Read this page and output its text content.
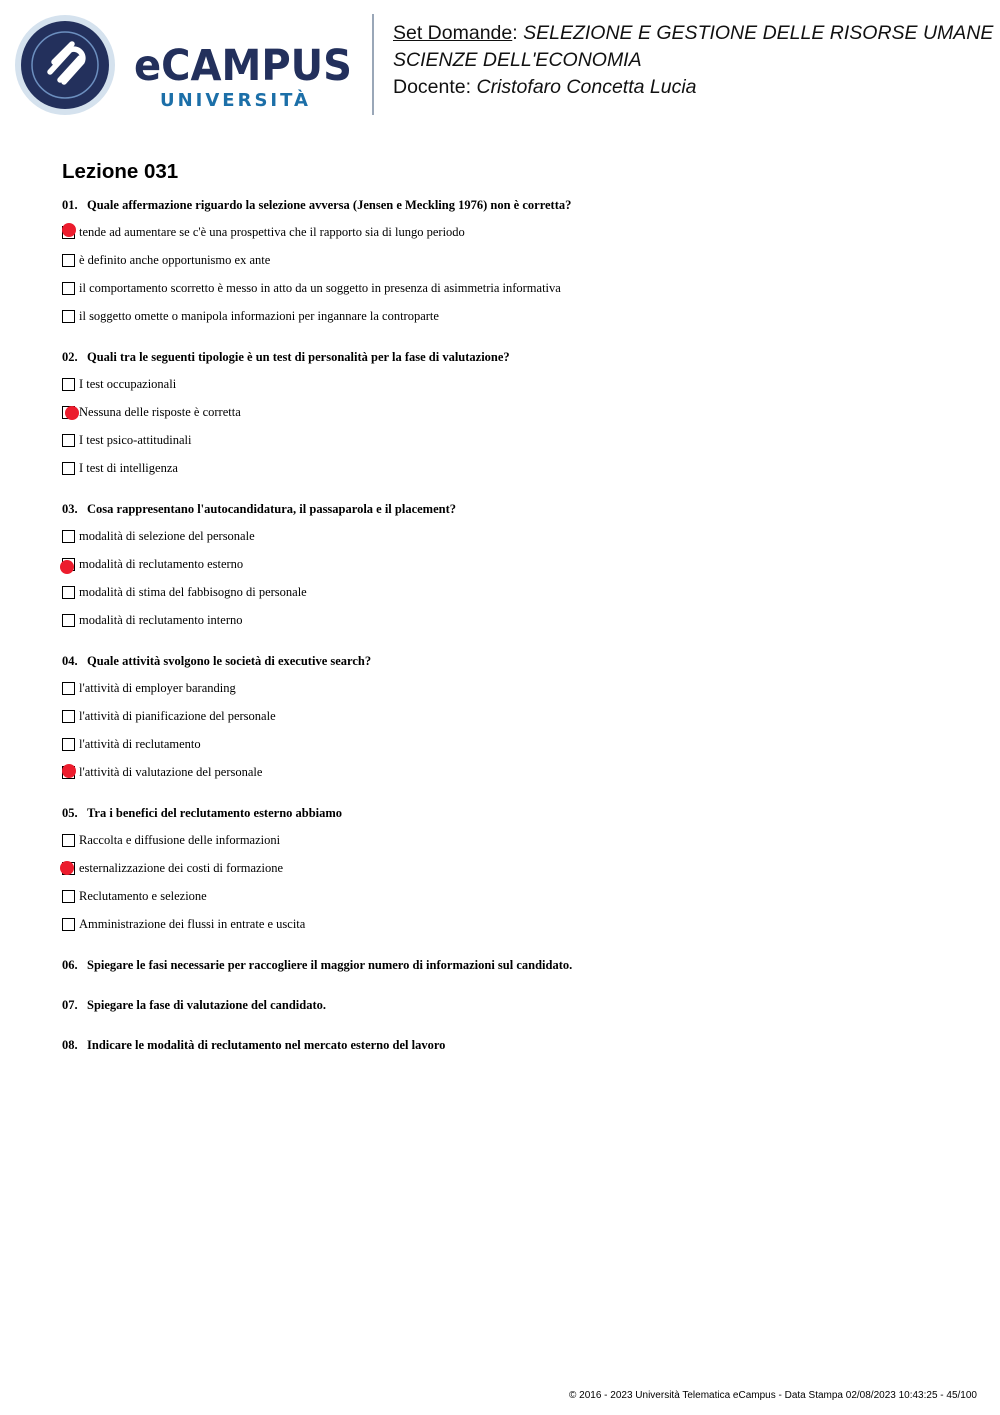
eCAMPUS
UNIVERSITÀ
Set Domande: SELEZIONE E GESTIONE DELLE RISORSE UMANE
SCIENZE DELL'ECONOMIA
Docente: Cristofaro Concetta Lucia
Lezione 031
01. Quale affermazione riguardo la selezione avversa (Jensen e Meckling 1976) non è corretta?
tende ad aumentare se c'è una prospettiva che il rapporto sia di lungo periodo
è definito anche opportunismo ex ante
il comportamento scorretto è messo in atto da un soggetto in presenza di asimmetria informativa
il soggetto omette o manipola informazioni per ingannare la controparte
02. Quali tra le seguenti tipologie è un test di personalità per la fase di valutazione?
I test occupazionali
Nessuna delle risposte è corretta
I test psico-attitudinali
I test di intelligenza
03. Cosa rappresentano l'autocandidatura, il passaparola e il placement?
modalità di selezione del personale
modalità di reclutamento esterno
modalità di stima del fabbisogno di personale
modalità di reclutamento interno
04. Quale attività svolgono le società di executive search?
l'attività di employer baranding
l'attività di pianificazione del personale
l'attività di reclutamento
l'attività di valutazione del personale
05. Tra i benefici del reclutamento esterno abbiamo
Raccolta e diffusione delle informazioni
esternalizzazione dei costi di formazione
Reclutamento e selezione
Amministrazione dei flussi in entrate e uscita
06. Spiegare le fasi necessarie per raccogliere il maggior numero di informazioni sul candidato.
07. Spiegare la fase di valutazione del candidato.
08. Indicare le modalità di reclutamento nel mercato esterno del lavoro
© 2016 - 2023 Università Telematica eCampus - Data Stampa 02/08/2023 10:43:25 - 45/100
